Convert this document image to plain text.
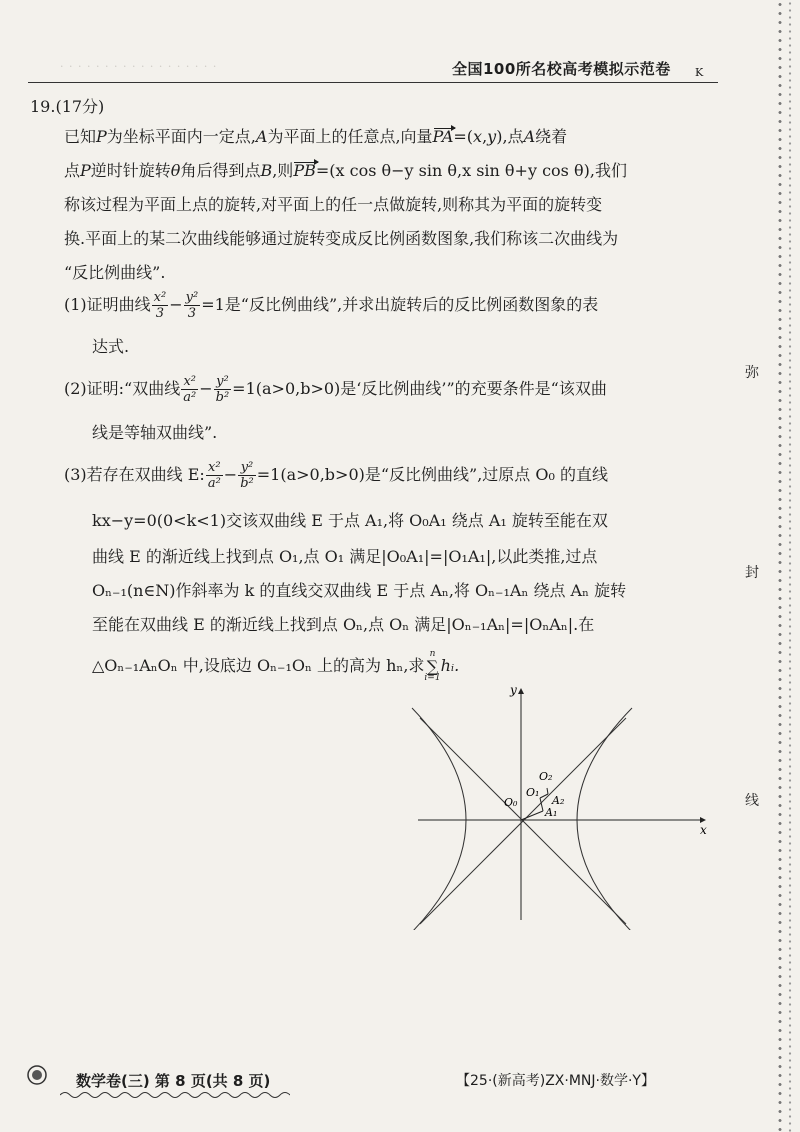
· · · · · · · · · · · · · · · · · ·	全国100所名校高考模拟示范卷 K
19.(17分)
已知P为坐标平面内一定点,A为平面上的任意点,向量PA=(x,y),点A绕着
点P逆时针旋转θ角后得到点B,则PB=(x cos θ−y sin θ,x sin θ+y cos θ),我们
称该过程为平面上点的旋转,对平面上的任一点做旋转,则称其为平面的旋转变
换.平面上的某二次曲线能够通过旋转变成反比例函数图象,我们称该二次曲线为
“反比例曲线”.
(1)证明曲线 $\frac{\text{x²}}{3} - \frac{\text{y²}}{3} =1$是“反比例曲线”,并求出旋转后的反比例函数图象的表
达式.
(2)证明:“双曲线 $\frac{\text{x²}}{\text{a²}} - \frac{\text{y²}}{\text{b²}} =1(a>0,b>0)$是‘反比例曲线’”的充要条件是“该双曲
线是等轴双曲线”.
(3)若存在双曲线 E: $\frac{\text{x²}}{\text{a²}} - \frac{\text{y²}}{\text{b²}} =1(a>0,b>0)$是“反比例曲线”,过原点 O₀ 的直线
kx−y=0(0<k<1)交该双曲线 E 于点 A₁,将 O₀A₁ 绕点 A₁ 旋转至能在双
曲线 E 的渐近线上找到点 O₁,点 O₁ 满足|O₀A₁|=|O₁A₁|,以此类推,过点
Oₙ₋₁(n∈N)作斜率为 k 的直线交双曲线 E 于点 Aₙ,将 Oₙ₋₁Aₙ 绕点 Aₙ 旋转
至能在双曲线 E 的渐近线上找到点 Oₙ,点 Oₙ 满足|Oₙ₋₁Aₙ|=|OₙAₙ|.在
△Oₙ₋₁AₙOₙ 中,设底边 Oₙ₋₁Oₙ 上的高为 hₙ,求
n
∑
i=1
hᵢ.
x
y
O₀
O₁
O₂
A₁
A₂
弥
封
线
数学卷(三) 第 8 页(共 8 页)	【25·(新高考)ZX·MNJ·数学·Y】
